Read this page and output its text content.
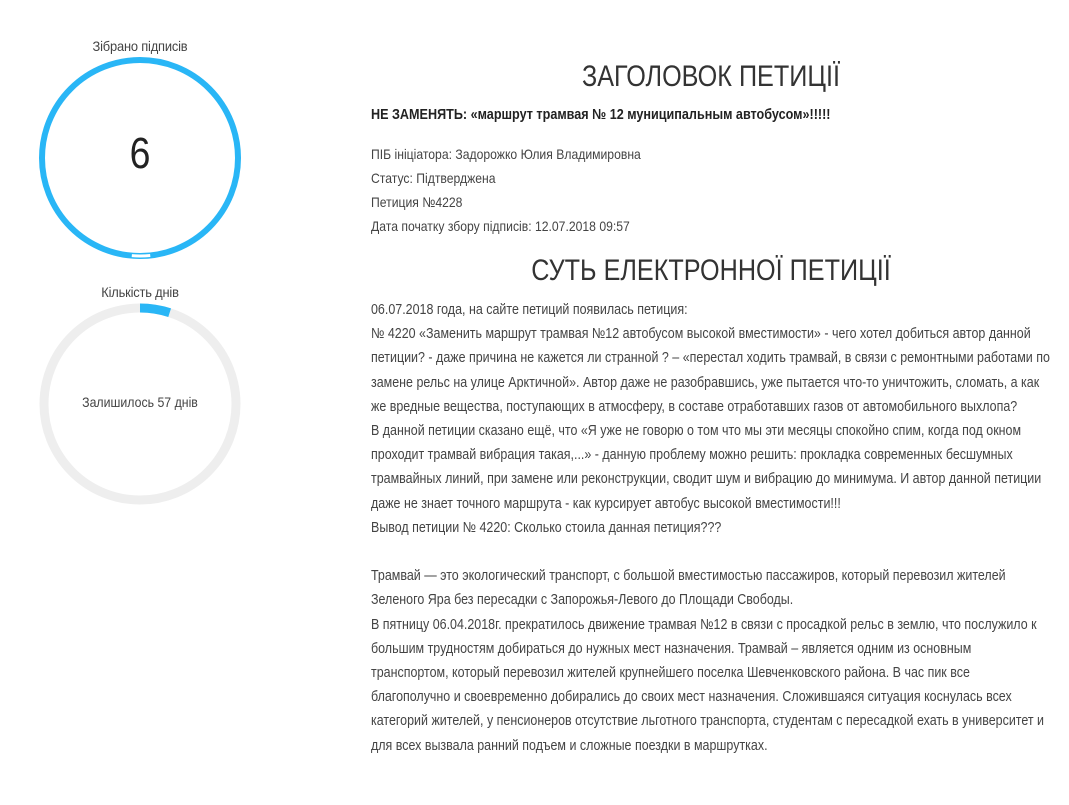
Зібрано підписів
6
Кількість днів
Залишилось 57 днів
ЗАГОЛОВОК ПЕТИЦІЇ
НЕ ЗАМЕНЯТЬ: «маршрут трамвая № 12 муниципальным автобусом»!!!!!
ПІБ ініціатора: Задорожко Юлия Владимировна
Статус: Підтверджена
Петиция №4228
Дата початку збору підписів: 12.07.2018 09:57
СУТЬ ЕЛЕКТРОННОЇ ПЕТИЦІЇ

06.07.2018 года, на сайте петиций появилась петиция:

№ 4220 «Заменить маршрут трамвая №12 автобусом высокой вместимости» - чего хотел добиться автор данной петиции? - даже причина не кажется ли странной ? – «перестал ходить трамвай, в связи с ремонтными работами по замене рельс на улице Арктичной». Автор даже не разобравшись, уже пытается что-то уничтожить, сломать, а как же вредные вещества, поступающих в атмосферу, в составе отработавших газов от автомобильного выхлопа?

В данной петиции сказано ещё, что «Я уже не говорю о том что мы эти месяцы спокойно спим, когда под окном проходит трамвай вибрация такая,...» - данную проблему можно решить: прокладка современных бесшумных трамвайных линий, при замене или реконструкции, сводит шум и вибрацию до минимума. И автор данной петиции даже не знает точного маршрута - как курсирует автобус высокой вместимости!!!

Вывод петиции № 4220: Сколько стоила данная петиция???

Трамвай — это экологический транспорт, с большой вместимостью пассажиров, который перевозил жителей Зеленого Яра без пересадки с Запорожья-Левого до Площади Свободы.

В пятницу 06.04.2018г. прекратилось движение трамвая №12 в связи с просадкой рельс в землю, что послужило к большим трудностям добираться до нужных мест назначения. Трамвай – является одним из основным транспортом, который перевозил жителей крупнейшего поселка Шевченковского района. В час пик все благополучно и своевременно добирались до своих мест назначения. Сложившаяся ситуация коснулась всех категорий жителей, у пенсионеров отсутствие льготного транспорта, студентам с пересадкой ехать в университет и для всех вызвала ранний подъем и сложные поездки в маршрутках.
